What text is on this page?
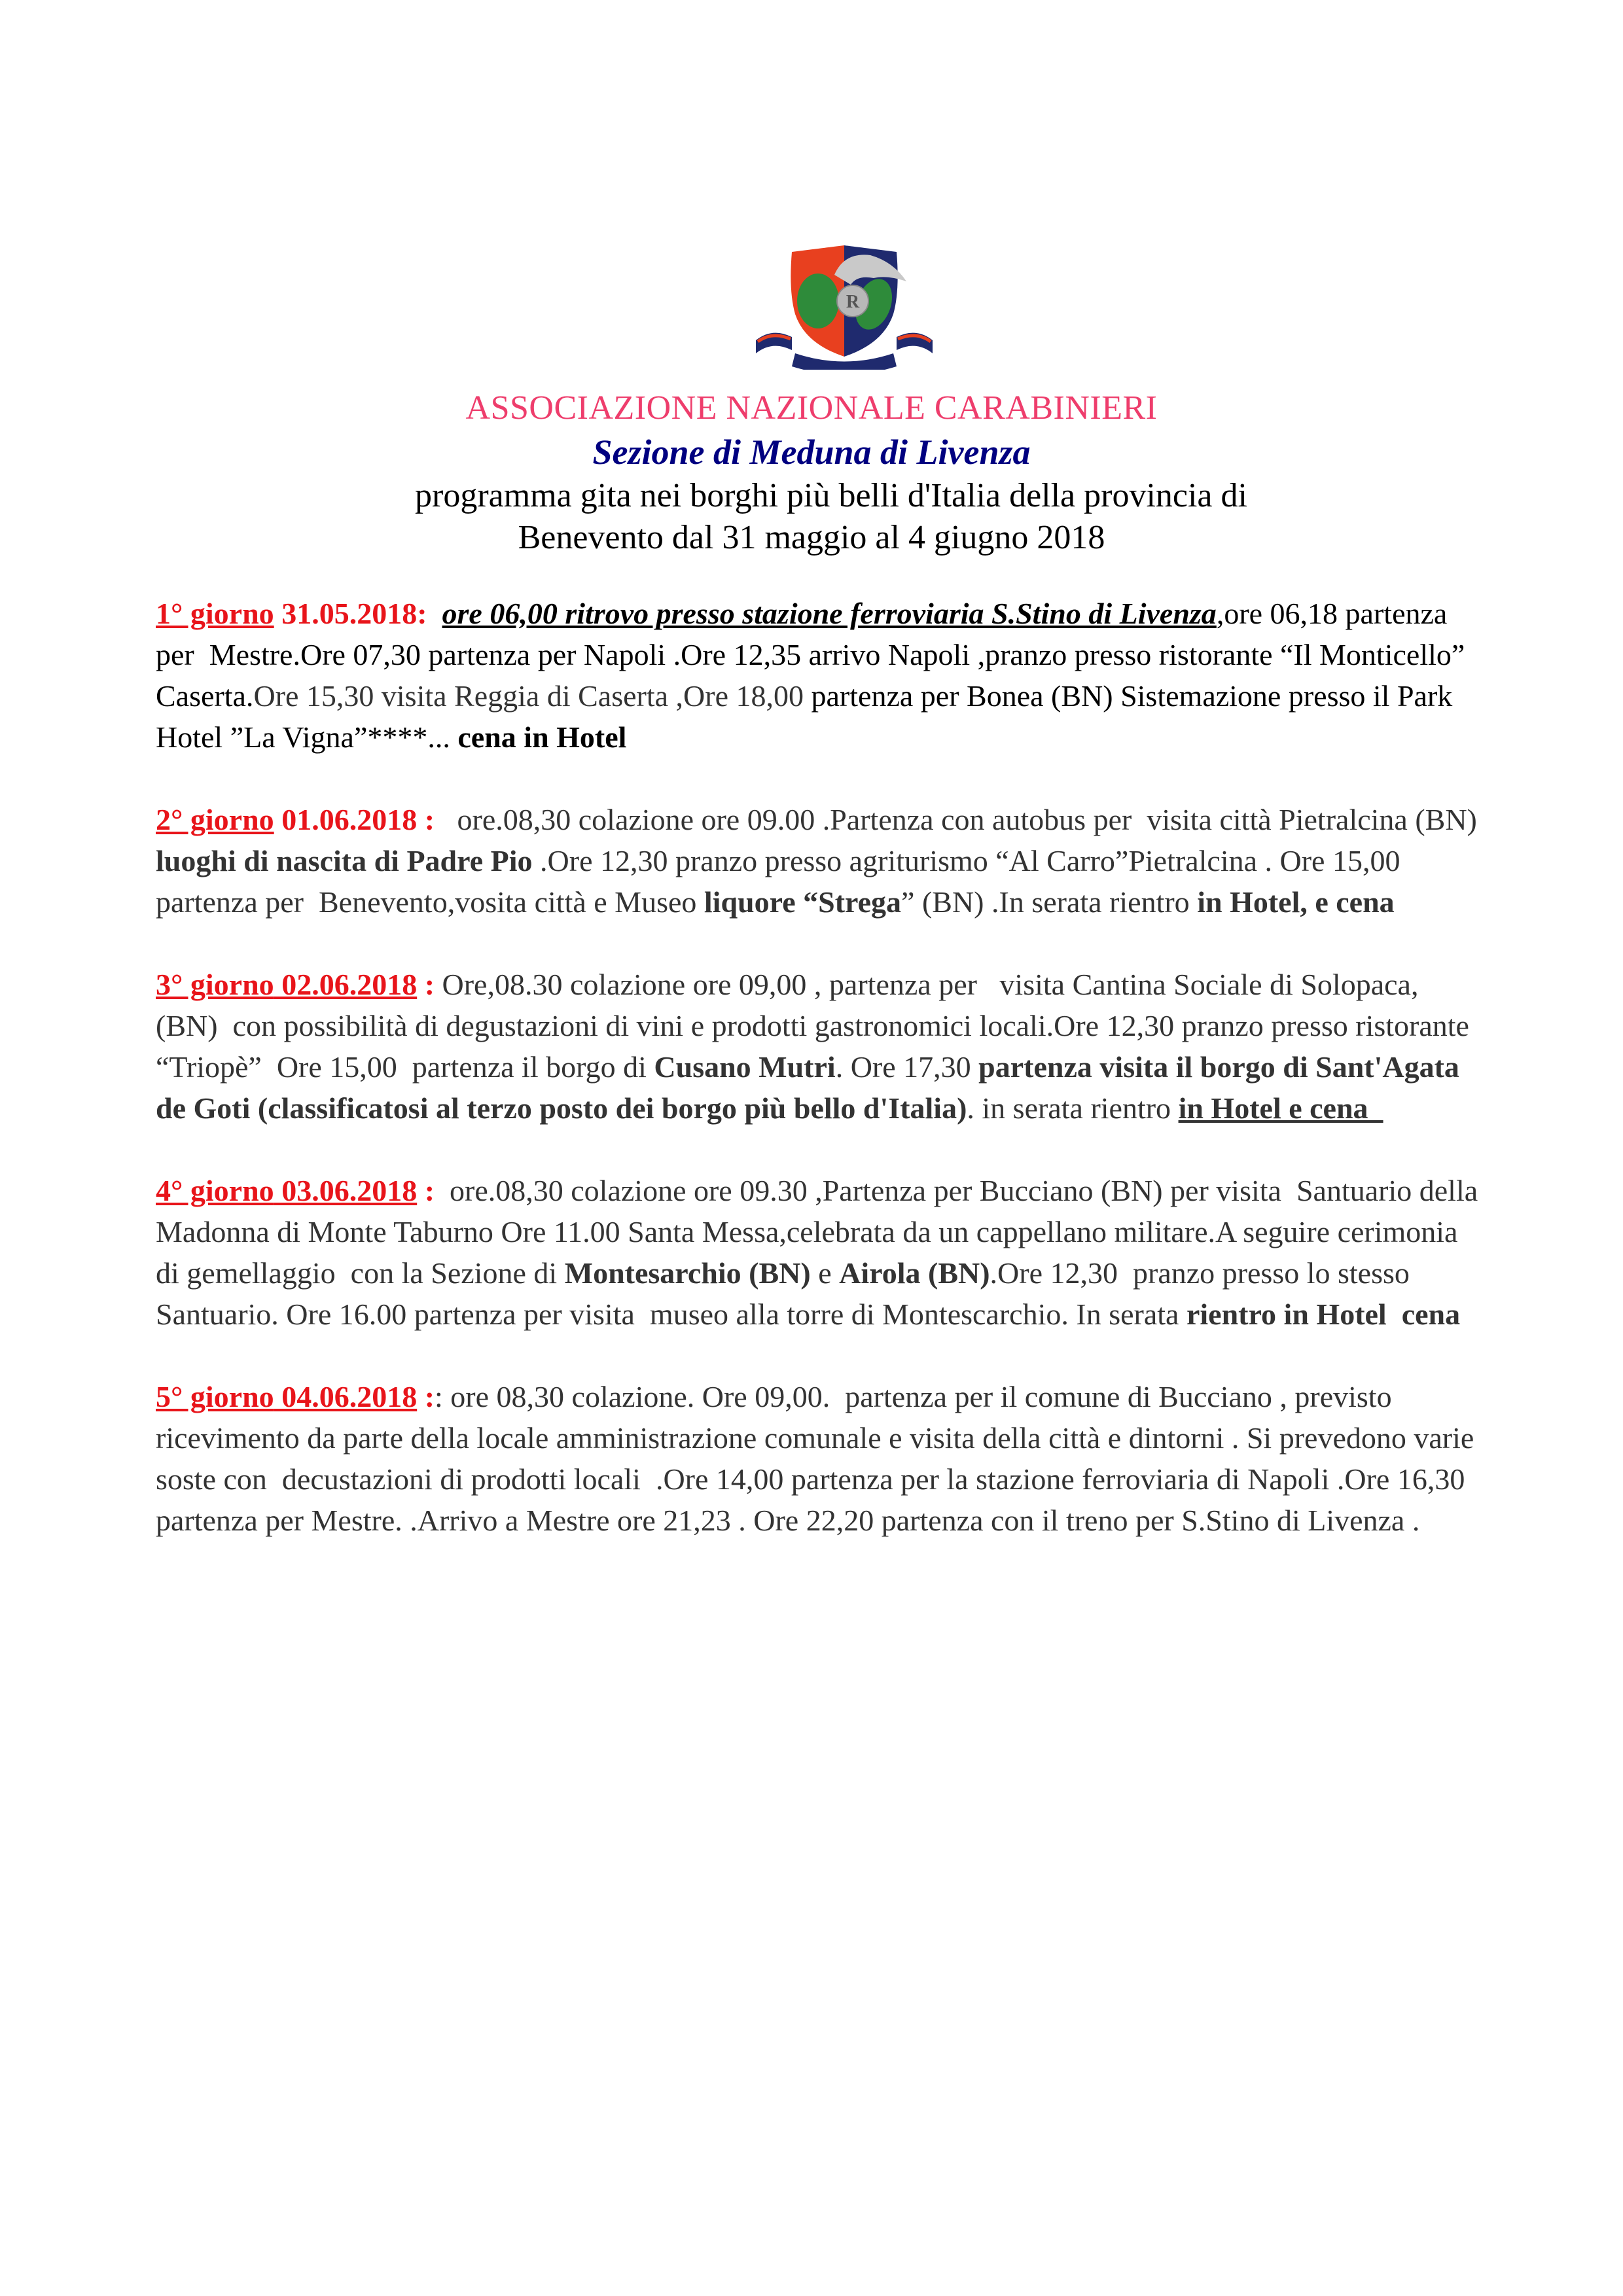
R
ASSOCIAZIONE NAZIONALE CARABINIERI
Sezione di Meduna di Livenza
programma gita nei borghi più belli d'Italia della provincia di
Benevento dal 31 maggio al 4 giugno 2018

1° giorno 31.05.2018: ore 06,00 ritrovo presso stazione ferroviaria S.Stino di Livenza,ore 06,18 partenza per  Mestre.Ore 07,30 partenza per Napoli .Ore 12,35 arrivo Napoli ,pranzo presso ristorante “Il Monticello” Caserta.Ore 15,30 visita Reggia di Caserta ,Ore 18,00 partenza per Bonea (BN) Sistemazione presso il Park Hotel ”La Vigna”****... cena in Hotel

2° giorno 01.06.2018 :   ore.08,30 colazione ore 09.00 .Partenza con autobus per  visita città Pietralcina (BN) luoghi di nascita di Padre Pio .Ore 12,30 pranzo presso agriturismo “Al Carro”Pietralcina . Ore 15,00 partenza per  Benevento,vosita città e Museo liquore “Strega” (BN) .In serata rientro in Hotel, e cena

3° giorno 02.06.2018 : Ore,08.30 colazione ore 09,00 , partenza per   visita Cantina Sociale di Solopaca, (BN)  con possibilità di degustazioni di vini e prodotti gastronomici locali.Ore 12,30 pranzo presso ristorante “Triopè”  Ore 15,00  partenza il borgo di Cusano Mutri. Ore 17,30 partenza visita il borgo di Sant'Agata de Goti (classificatosi al terzo posto dei borgo più bello d'Italia). in serata rientro in Hotel e cena

4° giorno 03.06.2018 :  ore.08,30 colazione ore 09.30 ,Partenza per Bucciano (BN) per visita  Santuario della Madonna di Monte Taburno Ore 11.00 Santa Messa,celebrata da un cappellano militare.A seguire cerimonia di gemellaggio  con la Sezione di Montesarchio (BN) e Airola (BN).Ore 12,30  pranzo presso lo stesso Santuario. Ore 16.00 partenza per visita  museo alla torre di Montescarchio. In serata rientro in Hotel  cena

5° giorno 04.06.2018 :: ore 08,30 colazione. Ore 09,00.  partenza per il comune di Bucciano , previsto ricevimento da parte della locale amministrazione comunale e visita della città e dintorni . Si prevedono varie soste con  decustazioni di prodotti locali  .Ore 14,00 partenza per la stazione ferroviaria di Napoli .Ore 16,30 partenza per Mestre. .Arrivo a Mestre ore 21,23 . Ore 22,20 partenza con il treno per S.Stino di Livenza .
